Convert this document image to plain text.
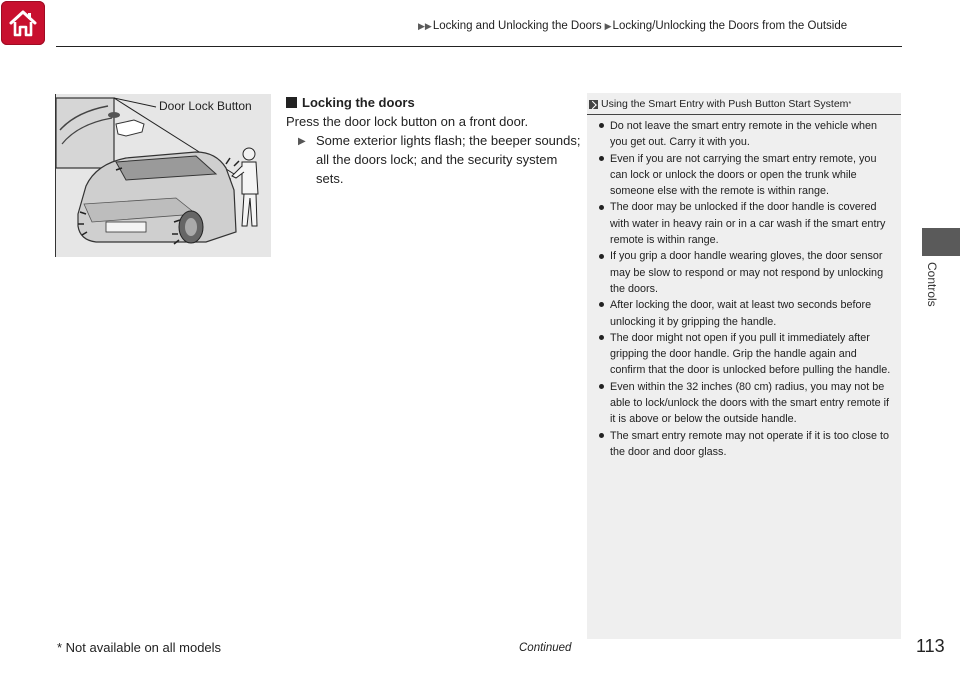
▶▶ Locking and Unlocking the Doors ▶ Locking/Unlocking the Doors from the Outside
Controls
Door Lock Button	Locking the doors
Press the door lock button on a front door.
▶ Some exterior lights flash; the beeper sounds; all the doors lock; and the security system sets.
Using the Smart Entry with Push Button Start System *
Do not leave the smart entry remote in the vehicle when you get out. Carry it with you.
Even if you are not carrying the smart entry remote, you can lock or unlock the doors or open the trunk while someone else with the remote is within range.
The door may be unlocked if the door handle is covered with water in heavy rain or in a car wash if the smart entry remote is within range.
If you grip a door handle wearing gloves, the door sensor may be slow to respond or may not respond by unlocking the doors.
After locking the door, wait at least two seconds before unlocking it by gripping the handle.
The door might not open if you pull it immediately after gripping the door handle. Grip the handle again and confirm that the door is unlocked before pulling the handle.
Even within the 32 inches (80 cm) radius, you may not be able to lock/unlock the doors with the smart entry remote if it is above or below the outside handle.
The smart entry remote may not operate if it is too close to the door and door glass.
* Not available on all models	Continued	113
